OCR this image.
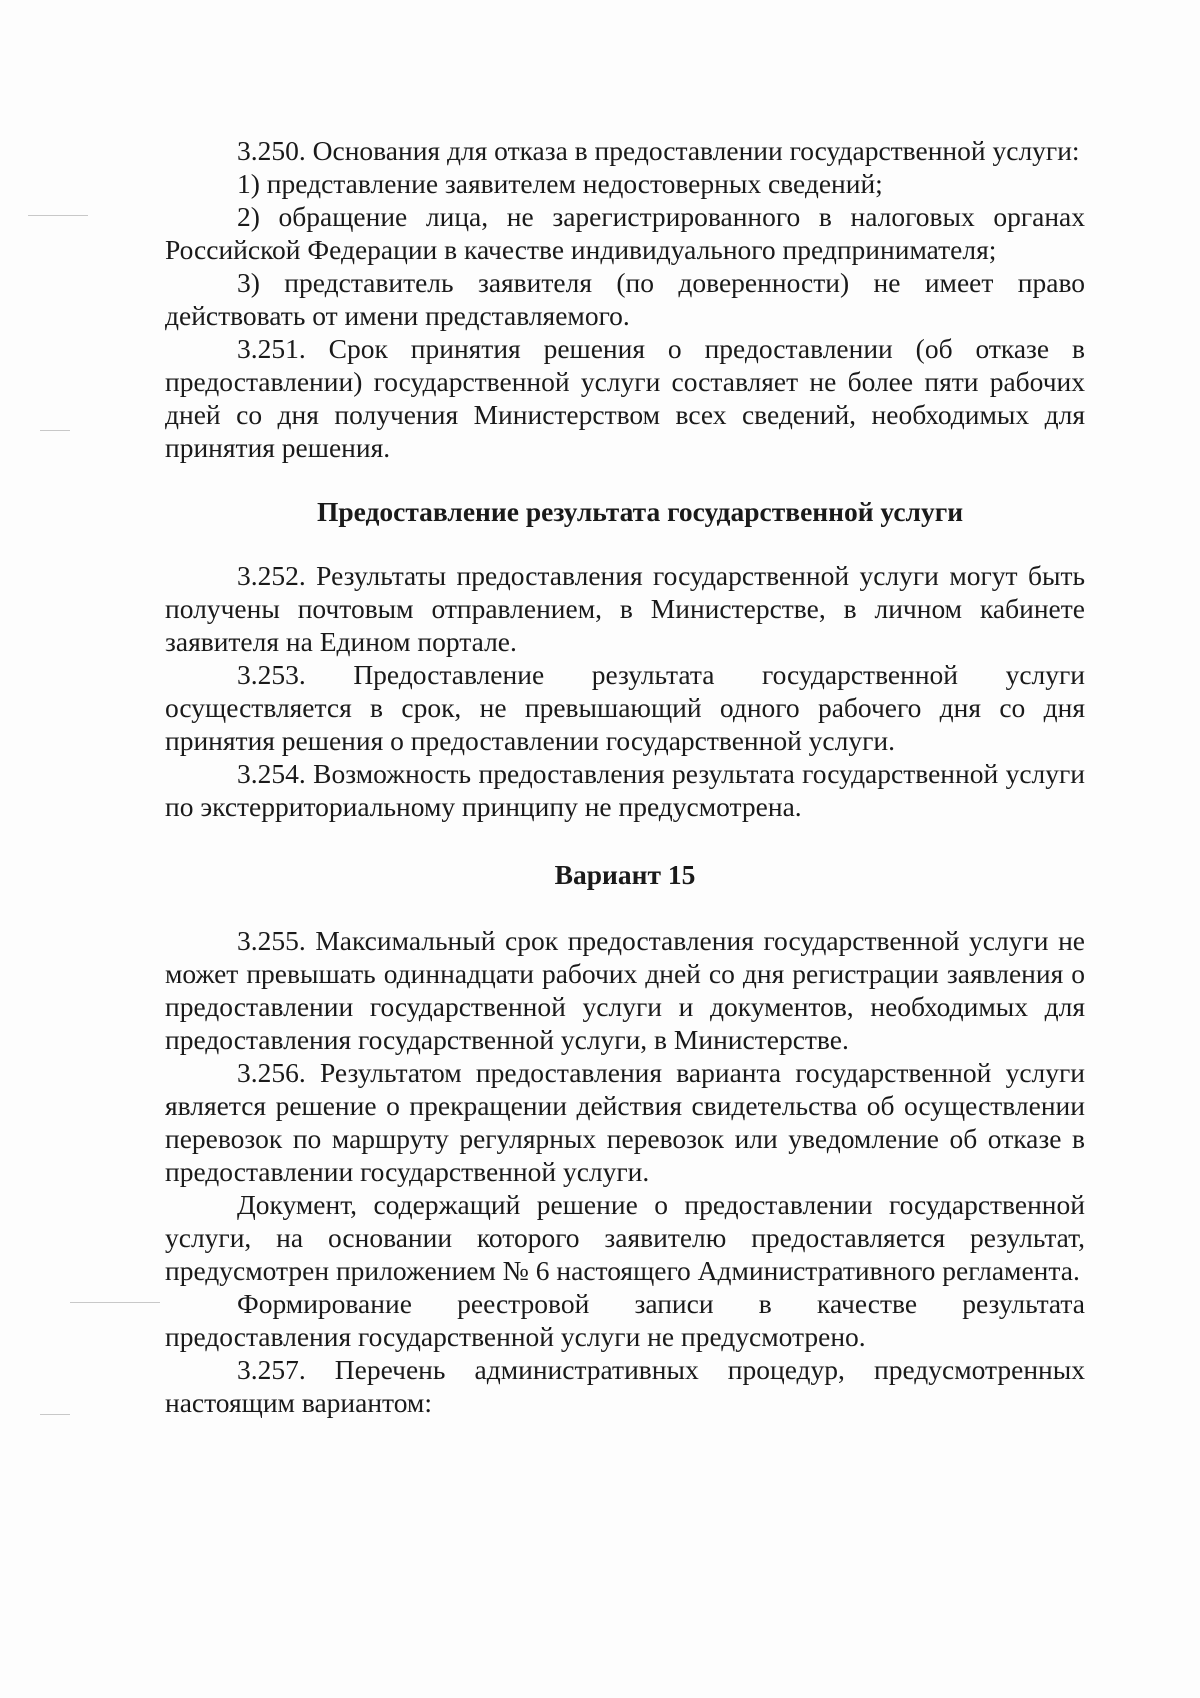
3.250. Основания для отказа в предоставлении государственной услуги:

1) представление заявителем недостоверных сведений;

2) обращение лица, не зарегистрированного в налоговых органах Российской Федерации в качестве индивидуального предпринимателя;

3) представитель заявителя (по доверенности) не имеет право действовать от имени представляемого.

3.251. Срок принятия решения о предоставлении (об отказе в предоставлении) государственной услуги составляет не более пяти рабочих дней со дня получения Министерством всех сведений, необходимых для принятия решения.

Предоставление результата государственной услуги

3.252. Результаты предоставления государственной услуги могут быть получены почтовым отправлением, в Министерстве, в личном кабинете заявителя на Едином портале.

3.253. Предоставление результата государственной услуги осуществляется в срок, не превышающий одного рабочего дня со дня принятия решения о предоставлении государственной услуги.

3.254. Возможность предоставления результата государственной услуги по экстерриториальному принципу не предусмотрена.

Вариант 15

3.255. Максимальный срок предоставления государственной услуги не может превышать одиннадцати рабочих дней со дня регистрации заявления о предоставлении государственной услуги и документов, необходимых для предоставления государственной услуги, в Министерстве.

3.256. Результатом предоставления варианта государственной услуги является решение о прекращении действия свидетельства об осуществлении перевозок по маршруту регулярных перевозок или уведомление об отказе в предоставлении государственной услуги.

Документ, содержащий решение о предоставлении государственной услуги, на основании которого заявителю предоставляется результат, предусмотрен приложением № 6 настоящего Административного регламента.

Формирование реестровой записи в качестве результата предоставления государственной услуги не предусмотрено.

3.257. Перечень административных процедур, предусмотренных настоящим вариантом:
